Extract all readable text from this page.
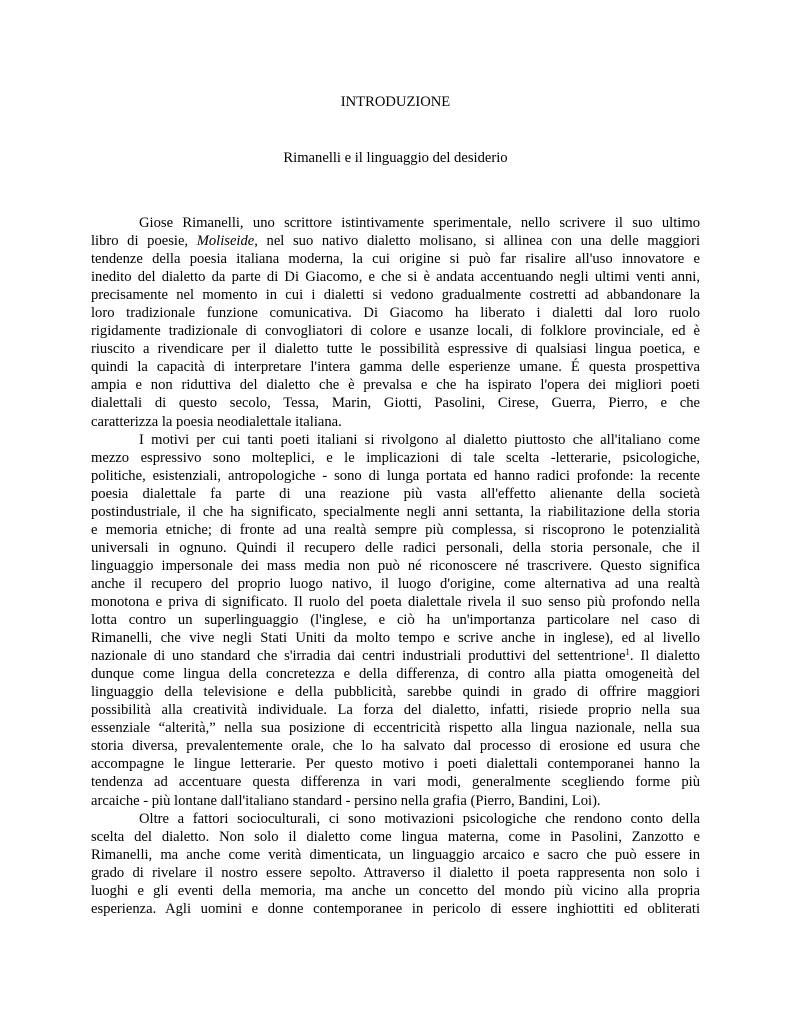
INTRODUZIONE
Rimanelli e il linguaggio del desiderio
Giose Rimanelli, uno scrittore istintivamente sperimentale, nello scrivere il suo ultimo
libro di poesie, Moliseide, nel suo nativo dialetto molisano, si allinea con una delle maggiori
tendenze della poesia italiana moderna, la cui origine si può far risalire all'uso innovatore e
inedito del dialetto da parte di Di Giacomo, e che si è andata accentuando negli ultimi venti anni,
precisamente nel momento in cui i dialetti si vedono gradualmente costretti ad abbandonare la
loro tradizionale funzione comunicativa. Di Giacomo ha liberato i dialetti dal loro ruolo
rigidamente tradizionale di convogliatori di colore e usanze locali, di folklore provinciale, ed è
riuscito a rivendicare per il dialetto tutte le possibilità espressive di qualsiasi lingua poetica, e
quindi la capacità di interpretare l'intera gamma delle esperienze umane. É questa prospettiva
ampia e non riduttiva del dialetto che è prevalsa e che ha ispirato l'opera dei migliori poeti
dialettali di questo secolo, Tessa, Marin, Giotti, Pasolini, Cirese, Guerra, Pierro, e che
caratterizza la poesia neodialettale italiana.
I motivi per cui tanti poeti italiani si rivolgono al dialetto piuttosto che all'italiano come
mezzo espressivo sono molteplici, e le implicazioni di tale scelta -letterarie, psicologiche,
politiche, esistenziali, antropologiche - sono di lunga portata ed hanno radici profonde: la recente
poesia dialettale fa parte di una reazione più vasta all'effetto alienante della società
postindustriale, il che ha significato, specialmente negli anni settanta, la riabilitazione della storia
e memoria etniche; di fronte ad una realtà sempre più complessa, si riscoprono le potenzialità
universali in ognuno. Quindi il recupero delle radici personali, della storia personale, che il
linguaggio impersonale dei mass media non può né riconoscere né trascrivere. Questo significa
anche il recupero del proprio luogo nativo, il luogo d'origine, come alternativa ad una realtà
monotona e priva di significato. Il ruolo del poeta dialettale rivela il suo senso più profondo nella
lotta contro un superlinguaggio (l'inglese, e ciò ha un'importanza particolare nel caso di
Rimanelli, che vive negli Stati Uniti da molto tempo e scrive anche in inglese), ed al livello
nazionale di uno standard che s'irradia dai centri industriali produttivi del settentrione$^1$. Il dialetto
dunque come lingua della concretezza e della differenza, di contro alla piatta omogeneità del
linguaggio della televisione e della pubblicità, sarebbe quindi in grado di offrire maggiori
possibilità alla creatività individuale. La forza del dialetto, infatti, risiede proprio nella sua
essenziale “alterità,” nella sua posizione di eccentricità rispetto alla lingua nazionale, nella sua
storia diversa, prevalentemente orale, che lo ha salvato dal processo di erosione ed usura che
accompagne le lingue letterarie. Per questo motivo i poeti dialettali contemporanei hanno la
tendenza ad accentuare questa differenza in vari modi, generalmente scegliendo forme più
arcaiche - più lontane dall'italiano standard - persino nella grafia (Pierro, Bandini, Loi).
Oltre a fattori socioculturali, ci sono motivazioni psicologiche che rendono conto della
scelta del dialetto. Non solo il dialetto come lingua materna, come in Pasolini, Zanzotto e
Rimanelli, ma anche come verità dimenticata, un linguaggio arcaico e sacro che può essere in
grado di rivelare il nostro essere sepolto. Attraverso il dialetto il poeta rappresenta non solo i
luoghi e gli eventi della memoria, ma anche un concetto del mondo più vicino alla propria
esperienza. Agli uomini e donne contemporanee in pericolo di essere inghiottiti ed obliterati
